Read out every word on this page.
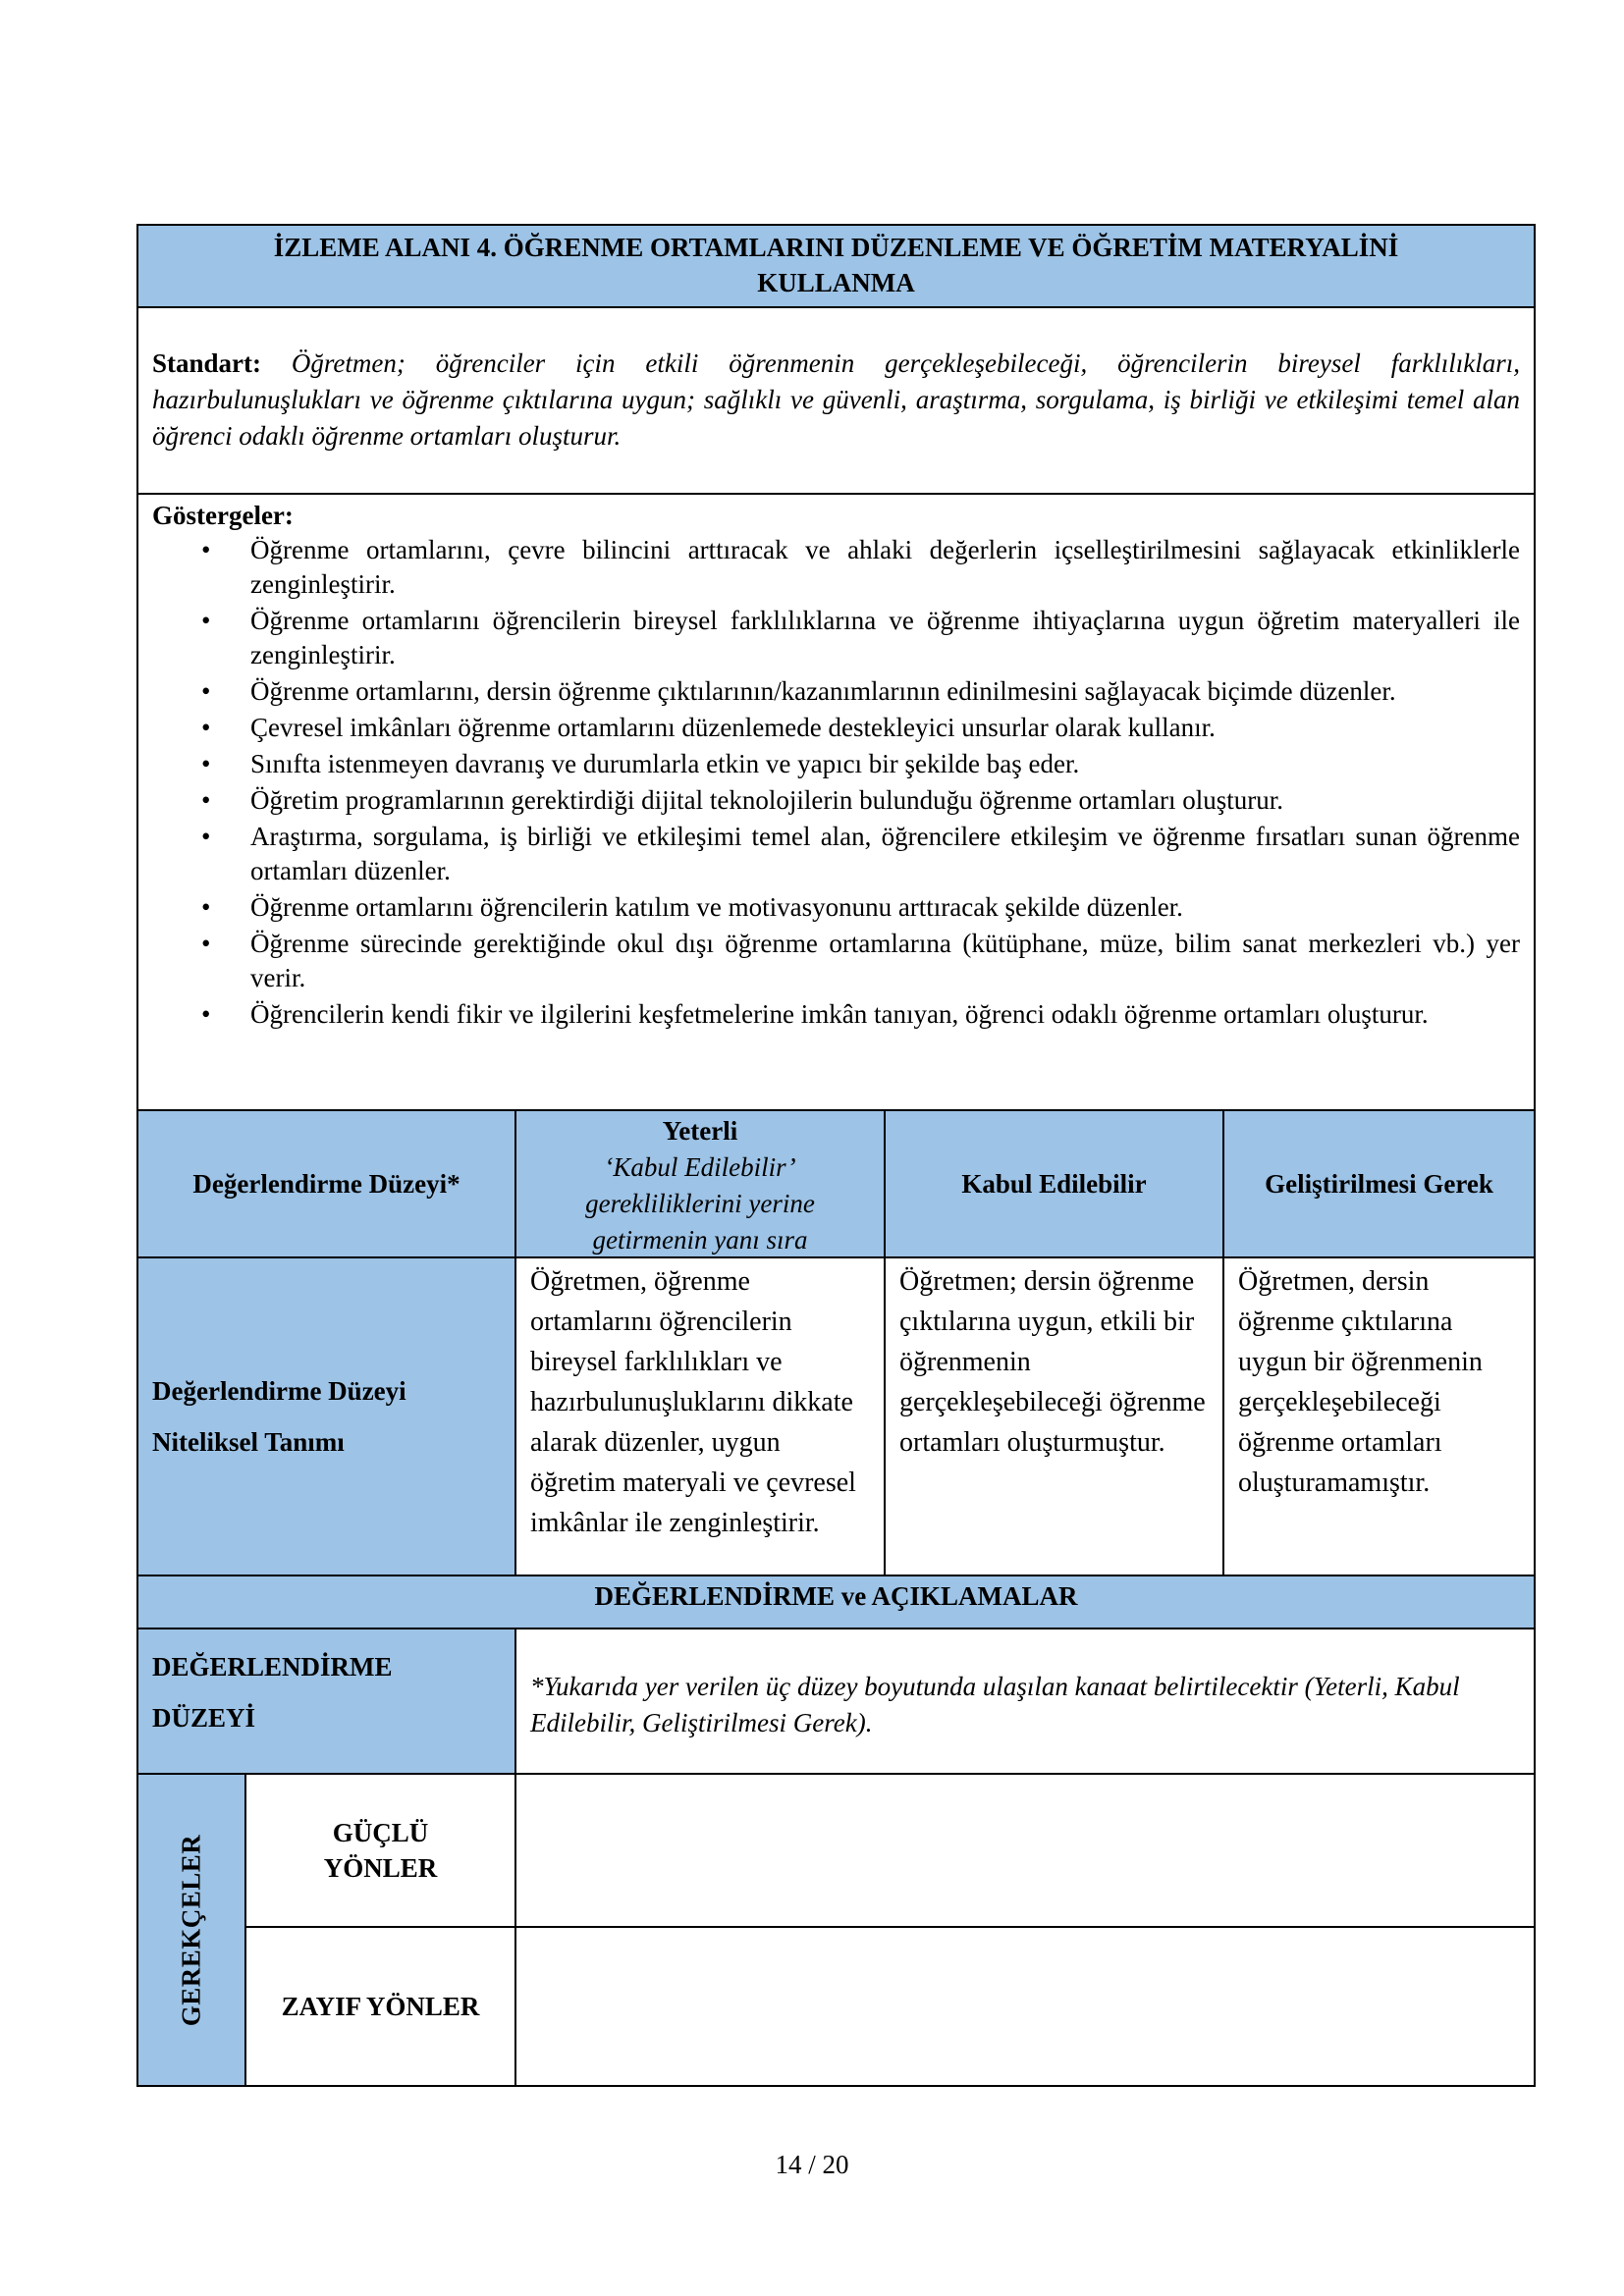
İZLEME ALANI 4. ÖĞRENME ORTAMLARINI DÜZENLEME VE ÖĞRETİM MATERYALİNİ
KULLANMA
Standart: Öğretmen; öğrenciler için etkili öğrenmenin gerçekleşebileceği, öğrencilerin bireysel farklılıkları, hazırbulunuşlukları ve öğrenme çıktılarına uygun; sağlıklı ve güvenli, araştırma, sorgulama, iş birliği ve etkileşimi temel alan öğrenci odaklı öğrenme ortamları oluşturur.
Göstergeler:
• Öğrenme ortamlarını, çevre bilincini arttıracak ve ahlaki değerlerin içselleştirilmesini sağlayacak etkinliklerle zenginleştirir.
• Öğrenme ortamlarını öğrencilerin bireysel farklılıklarına ve öğrenme ihtiyaçlarına uygun öğretim materyalleri ile zenginleştirir.
• Öğrenme ortamlarını, dersin öğrenme çıktılarının/kazanımlarının edinilmesini sağlayacak biçimde düzenler.
• Çevresel imkânları öğrenme ortamlarını düzenlemede destekleyici unsurlar olarak kullanır.
• Sınıfta istenmeyen davranış ve durumlarla etkin ve yapıcı bir şekilde baş eder.
• Öğretim programlarının gerektirdiği dijital teknolojilerin bulunduğu öğrenme ortamları oluşturur.
• Araştırma, sorgulama, iş birliği ve etkileşimi temel alan, öğrencilere etkileşim ve öğrenme fırsatları sunan öğrenme ortamları düzenler.
• Öğrenme ortamlarını öğrencilerin katılım ve motivasyonunu arttıracak şekilde düzenler.
• Öğrenme sürecinde gerektiğinde okul dışı öğrenme ortamlarına (kütüphane, müze, bilim sanat merkezleri vb.) yer verir.
• Öğrencilerin kendi fikir ve ilgilerini keşfetmelerine imkân tanıyan, öğrenci odaklı öğrenme ortamları oluşturur.
Değerlendirme Düzeyi*
Yeterli
‘Kabul Edilebilir’
gerekliliklerini yerine
getirmenin yanı sıra
Kabul Edilebilir	Geliştirilmesi Gerek
Değerlendirme Düzeyi
Niteliksel Tanımı
Öğretmen, öğrenme ortamlarını öğrencilerin bireysel farklılıkları ve hazırbulunuşluklarını dikkate alarak düzenler, uygun öğretim materyali ve çevresel imkânlar ile zenginleştirir.
Öğretmen; dersin öğrenme çıktılarına uygun, etkili bir öğrenmenin gerçekleşebileceği öğrenme ortamları oluşturmuştur.
Öğretmen, dersin öğrenme çıktılarına uygun bir öğrenmenin gerçekleşebileceği öğrenme ortamları oluşturamamıştır.
DEĞERLENDİRME ve AÇIKLAMALAR
DEĞERLENDİRME
DÜZEYİ
*Yukarıda yer verilen üç düzey boyutunda ulaşılan kanaat belirtilecektir (Yeterli, Kabul Edilebilir, Geliştirilmesi Gerek).
GEREKÇELER
GÜÇLÜ
YÖNLER
ZAYIF YÖNLER
14 / 20
